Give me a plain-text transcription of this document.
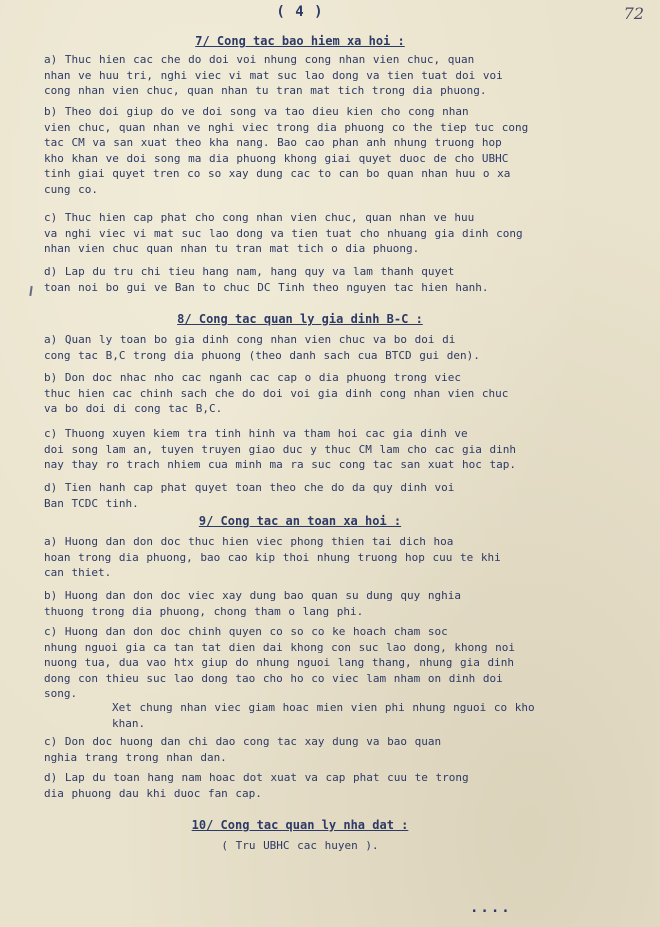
( 4 )	72
7/ Cong tac bao hiem xa hoi :
a) Thuc hien cac che do doi voi nhung cong nhan vien chuc, quan
nhan ve huu tri, nghi viec vi mat suc lao dong va tien tuat doi voi
cong nhan vien chuc, quan nhan tu tran mat tich trong dia phuong.
b) Theo doi giup do ve doi song va tao dieu kien cho cong nhan
vien chuc, quan nhan ve nghi viec trong dia phuong co the tiep tuc cong
tac CM va san xuat theo kha nang. Bao cao phan anh nhung truong hop
kho khan ve doi song ma dia phuong khong giai quyet duoc de cho UBHC
tinh giai quyet tren co so xay dung cac to can bo quan nhan huu o xa
cung co.
c) Thuc hien cap phat cho cong nhan vien chuc, quan nhan ve huu
va nghi viec vi mat suc lao dong va tien tuat cho nhuang gia dinh cong
nhan vien chuc quan nhan tu tran mat tich o dia phuong.
d) Lap du tru chi tieu hang nam, hang quy va lam thanh quyet
toan noi bo gui ve Ban to chuc DC Tinh theo nguyen tac hien hanh.
8/ Cong tac quan ly gia dinh B-C :
a) Quan ly toan bo gia dinh cong nhan vien chuc va bo doi di
cong tac B,C trong dia phuong (theo danh sach cua BTCD gui den).
b) Don doc nhac nho cac nganh cac cap o dia phuong trong viec
thuc hien cac chinh sach che do doi voi gia dinh cong nhan vien chuc
va bo doi di cong tac B,C.
c) Thuong xuyen kiem tra tinh hinh va tham hoi cac gia dinh ve
doi song lam an, tuyen truyen giao duc y thuc CM lam cho cac gia dinh
nay thay ro trach nhiem cua minh ma ra suc cong tac san xuat hoc tap.
d) Tien hanh cap phat quyet toan theo che do da quy dinh voi
Ban TCDC tinh.
9/ Cong tac an toan xa hoi :
a) Huong dan don doc thuc hien viec phong thien tai dich hoa
hoan trong dia phuong, bao cao kip thoi nhung truong hop cuu te khi
can thiet.
b) Huong dan don doc viec xay dung bao quan su dung quy nghia
thuong trong dia phuong, chong tham o lang phi.
c) Huong dan don doc chinh quyen co so co ke hoach cham soc
nhung nguoi gia ca tan tat dien dai khong con suc lao dong, khong noi
nuong tua, dua vao htx giup do nhung nguoi lang thang, nhung gia dinh
dong con thieu suc lao dong tao cho ho co viec lam nham on dinh doi
song.
Xet chung nhan viec giam hoac mien vien phi nhung nguoi co kho
khan.
c) Don doc huong dan chi dao cong tac xay dung va bao quan
nghia trang trong nhan dan.
d) Lap du toan hang nam hoac dot xuat va cap phat cuu te trong
dia phuong dau khi duoc fan cap.
10/ Cong tac quan ly nha dat :
( Tru UBHC cac huyen ).
....
